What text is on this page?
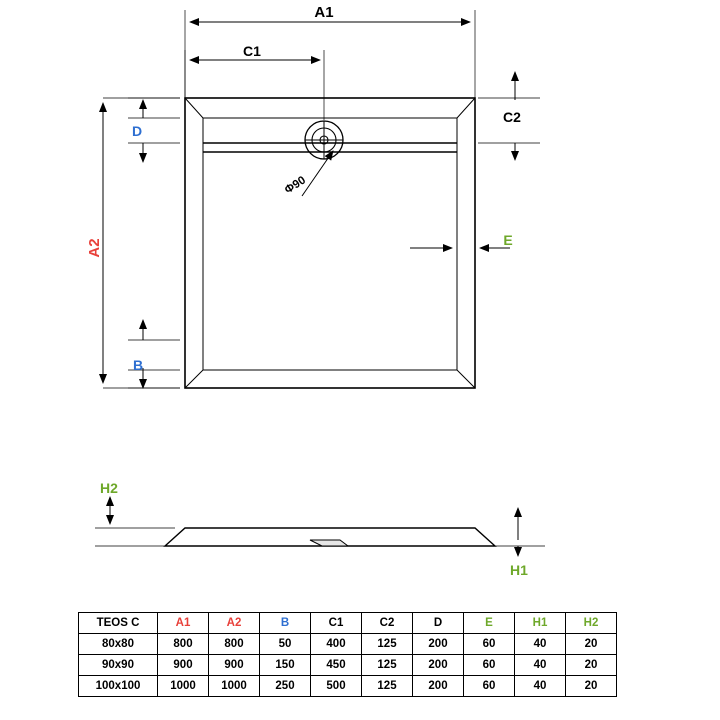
A1
C1
C2
A2
D
B
E
Φ90
H2
H1
TEOS C	A1	A2	B	C1	C2	D	E	H1	H2
80x80	800	800	50	400	125	200	60	40	20
90x90	900	900	150	450	125	200	60	40	20
100x100	1000	1000	250	500	125	200	60	40	20
